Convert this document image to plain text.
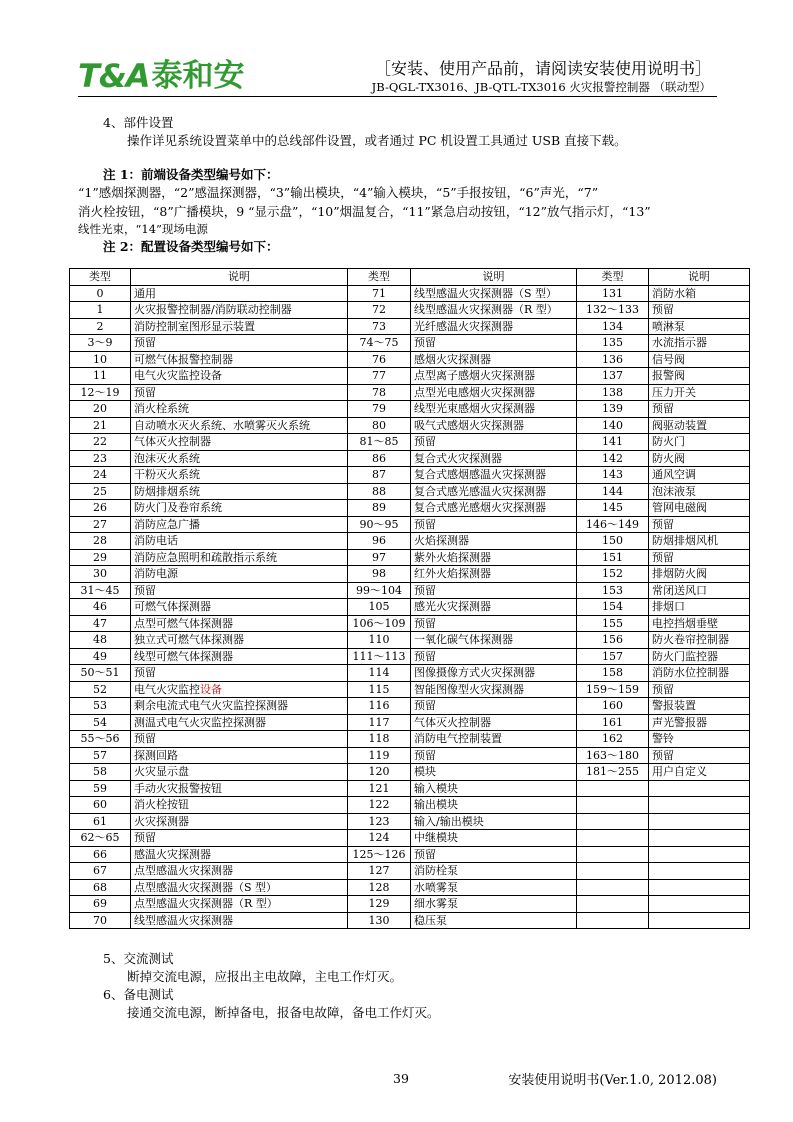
T&A 泰和安	［安装、使用产品前，请阅读安装使用说明书］
JB-QGL-TX3016、JB-QTL-TX3016 火灾报警控制器 （联动型）
4、部件设置
操作详见系统设置菜单中的总线部件设置，或者通过 PC 机设置工具通过 USB 直接下载。
注 1：前端设备类型编号如下：
“1”感烟探测器，“2”感温探测器，“3”输出模块，“4”输入模块，“5”手报按钮，“6”声光，“7”
消火栓按钮，“8”广播模块，9 “显示盘”，“10”烟温复合，“11”紧急启动按钮，“12”放气指示灯，“13”
线性光束，“14”现场电源
注 2：配置设备类型编号如下：
类型	说明	类型	说明	类型	说明
0	通用	71	线型感温火灾探测器（S 型）	131	消防水箱
1	火灾报警控制器/消防联动控制器	72	线型感温火灾探测器（R 型）	132～133	预留
2	消防控制室图形显示装置	73	光纤感温火灾探测器	134	喷淋泵
3～9	预留	74～75	预留	135	水流指示器
10	可燃气体报警控制器	76	感烟火灾探测器	136	信号阀
11	电气火灾监控设备	77	点型离子感烟火灾探测器	137	报警阀
12～19	预留	78	点型光电感烟火灾探测器	138	压力开关
20	消火栓系统	79	线型光束感烟火灾探测器	139	预留
21	自动喷水灭火系统、水喷雾灭火系统	80	吸气式感烟火灾探测器	140	阀驱动装置
22	气体灭火控制器	81～85	预留	141	防火门
23	泡沫灭火系统	86	复合式火灾探测器	142	防火阀
24	干粉灭火系统	87	复合式感烟感温火灾探测器	143	通风空调
25	防烟排烟系统	88	复合式感光感温火灾探测器	144	泡沫液泵
26	防火门及卷帘系统	89	复合式感光感烟火灾探测器	145	管网电磁阀
27	消防应急广播	90～95	预留	146～149	预留
28	消防电话	96	火焰探测器	150	防烟排烟风机
29	消防应急照明和疏散指示系统	97	紫外火焰探测器	151	预留
30	消防电源	98	红外火焰探测器	152	排烟防火阀
31～45	预留	99～104	预留	153	常闭送风口
46	可燃气体探测器	105	感光火灾探测器	154	排烟口
47	点型可燃气体探测器	106～109	预留	155	电控挡烟垂壁
48	独立式可燃气体探测器	110	一氧化碳气体探测器	156	防火卷帘控制器
49	线型可燃气体探测器	111～113	预留	157	防火门监控器
50～51	预留	114	图像摄像方式火灾探测器	158	消防水位控制器
52	电气火灾监控设备	115	智能图像型火灾探测器	159～159	预留
53	剩余电流式电气火灾监控探测器	116	预留	160	警报装置
54	测温式电气火灾监控探测器	117	气体灭火控制器	161	声光警报器
55～56	预留	118	消防电气控制装置	162	警铃
57	探测回路	119	预留	163～180	预留
58	火灾显示盘	120	模块	181～255	用户自定义
59	手动火灾报警按钮	121	输入模块		
60	消火栓按钮	122	输出模块		
61	火灾探测器	123	输入/输出模块		
62～65	预留	124	中继模块		
66	感温火灾探测器	125～126	预留		
67	点型感温火灾探测器	127	消防栓泵		
68	点型感温火灾探测器（S 型）	128	水喷雾泵		
69	点型感温火灾探测器（R 型）	129	细水雾泵		
70	线型感温火灾探测器	130	稳压泵		
5、交流测试
断掉交流电源，应报出主电故障，主电工作灯灭。
6、备电测试
接通交流电源，断掉备电，报备电故障，备电工作灯灭。
39	安装使用说明书(Ver.1.0, 2012.08)
